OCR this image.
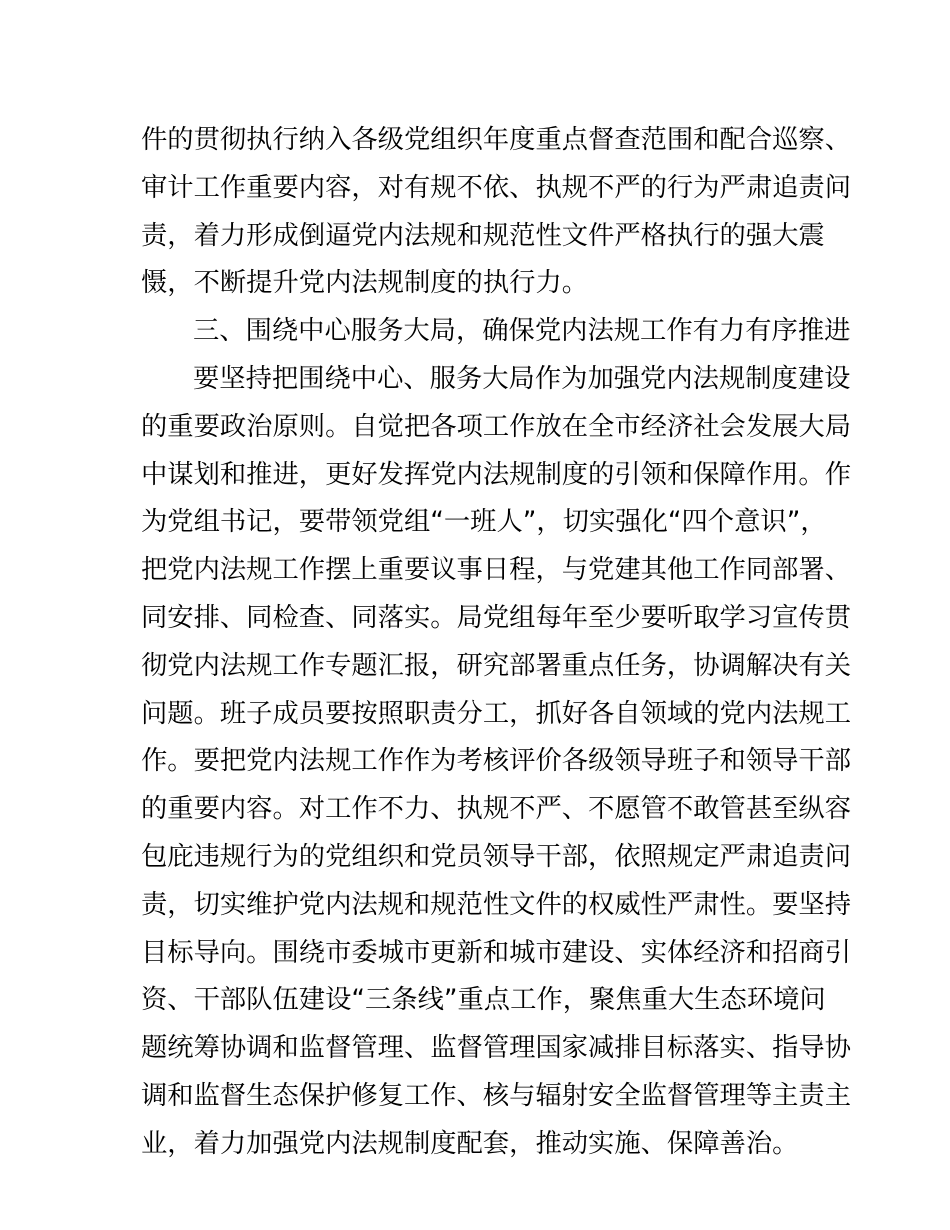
件的贯彻执行纳入各级党组织年度重点督查范围和配合巡察、
审计工作重要内容，对有规不依、执规不严的行为严肃追责问
责，着力形成倒逼党内法规和规范性文件严格执行的强大震
慑，不断提升党内法规制度的执行力。
三、围绕中心服务大局，确保党内法规工作有力有序推进
要坚持把围绕中心、服务大局作为加强党内法规制度建设
的重要政治原则。自觉把各项工作放在全市经济社会发展大局
中谋划和推进，更好发挥党内法规制度的引领和保障作用。作
为党组书记，要带领党组“一班人”，切实强化“四个意识”，
把党内法规工作摆上重要议事日程，与党建其他工作同部署、
同安排、同检查、同落实。局党组每年至少要听取学习宣传贯
彻党内法规工作专题汇报，研究部署重点任务，协调解决有关
问题。班子成员要按照职责分工，抓好各自领域的党内法规工
作。要把党内法规工作作为考核评价各级领导班子和领导干部
的重要内容。对工作不力、执规不严、不愿管不敢管甚至纵容
包庇违规行为的党组织和党员领导干部，依照规定严肃追责问
责，切实维护党内法规和规范性文件的权威性严肃性。要坚持
目标导向。围绕市委城市更新和城市建设、实体经济和招商引
资、干部队伍建设“三条线”重点工作，聚焦重大生态环境问
题统筹协调和监督管理、监督管理国家减排目标落实、指导协
调和监督生态保护修复工作、核与辐射安全监督管理等主责主
业，着力加强党内法规制度配套，推动实施、保障善治。
